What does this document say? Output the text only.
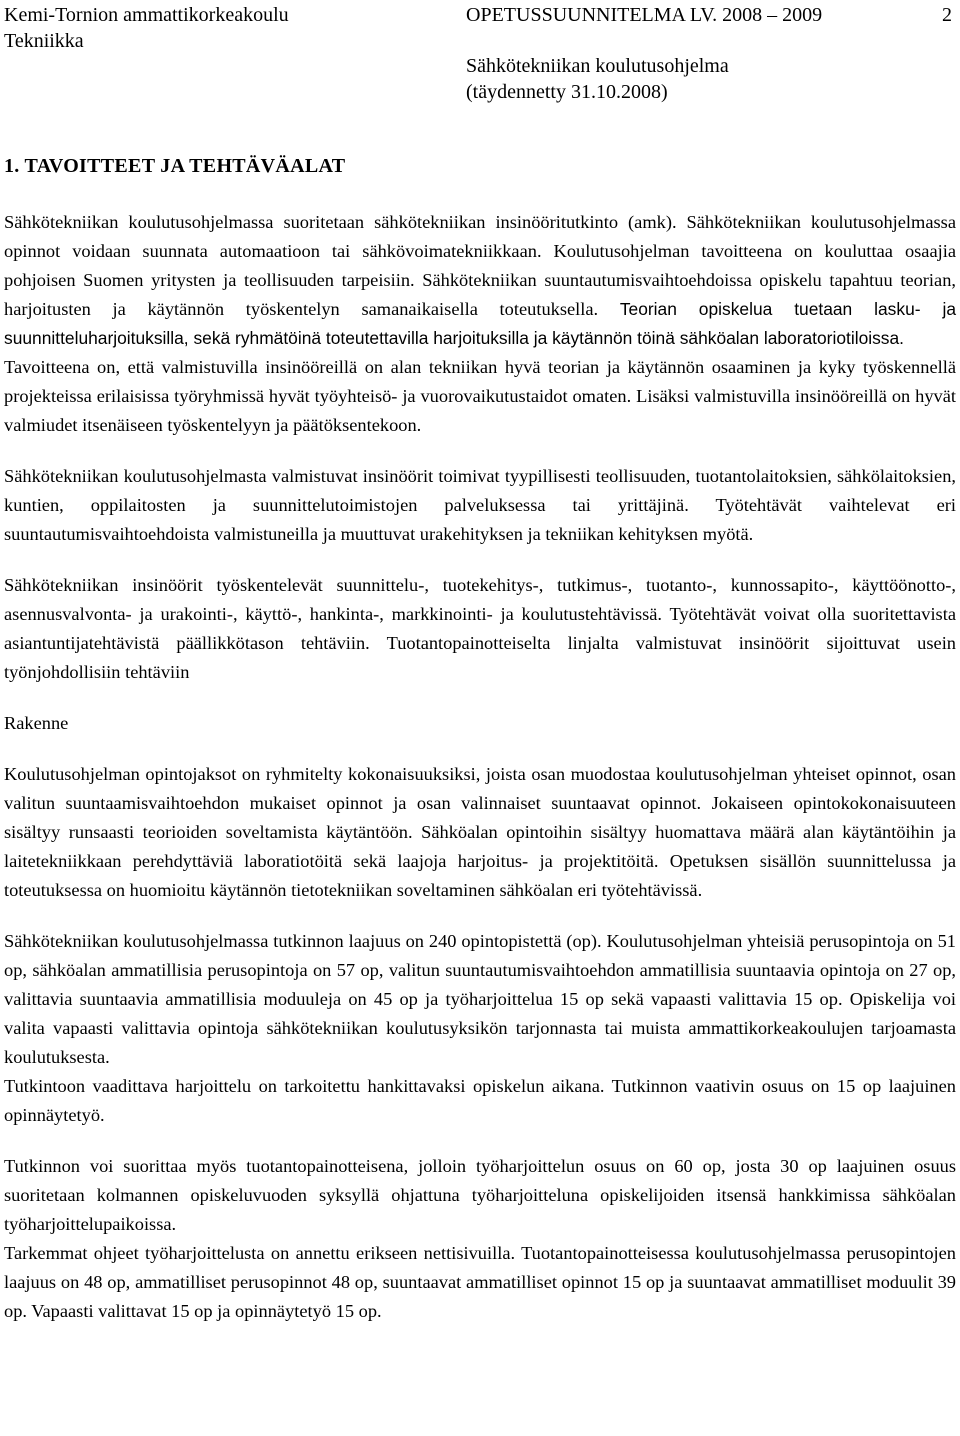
Kemi-Tornion ammattikorkeakoulu
Tekniikka
OPETUSSUUNNITELMA LV. 2008 – 2009	2
Sähkötekniikan koulutusohjelma
(täydennetty 31.10.2008)
1. TAVOITTEET JA TEHTÄVÄALAT

Sähkötekniikan koulutusohjelmassa suoritetaan sähkötekniikan insinööritutkinto (amk). Sähkötekniikan koulutusohjelmassa opinnot voidaan suunnata automaatioon tai sähkövoimatekniikkaan. Koulutusohjelman tavoitteena on kouluttaa osaajia pohjoisen Suomen yritysten ja teollisuuden tarpeisiin. Sähkötekniikan suuntautumisvaihtoehdoissa opiskelu tapahtuu teorian, harjoitusten ja käytännön työskentelyn samanaikaisella toteutuksella. Teorian opiskelua tuetaan lasku- ja suunnitteluharjoituksilla, sekä ryhmätöinä toteutettavilla harjoituksilla ja käytännön töinä sähköalan laboratoriotiloissa.

Tavoitteena on, että valmistuvilla insinööreillä on alan tekniikan hyvä teorian ja käytännön osaaminen ja kyky työskennellä projekteissa erilaisissa työryhmissä hyvät työyhteisö- ja vuorovaikutustaidot omaten. Lisäksi valmistuvilla insinööreillä on hyvät valmiudet itsenäiseen työskentelyyn ja päätöksentekoon.

Sähkötekniikan koulutusohjelmasta valmistuvat insinöörit toimivat tyypillisesti teollisuuden, tuotantolaitoksien, sähkölaitoksien, kuntien, oppilaitosten ja suunnittelutoimistojen palveluksessa tai yrittäjinä. Työtehtävät vaihtelevat eri suuntautumisvaihtoehdoista valmistuneilla ja muuttuvat urakehityksen ja tekniikan kehityksen myötä.

Sähkötekniikan insinöörit työskentelevät suunnittelu-, tuotekehitys-, tutkimus-, tuotanto-, kunnossapito-, käyttöönotto-, asennusvalvonta- ja urakointi-, käyttö-, hankinta-, markkinointi- ja koulutustehtävissä. Työtehtävät voivat olla suoritettavista asiantuntijatehtävistä päällikkötason tehtäviin. Tuotantopainotteiselta linjalta valmistuvat insinöörit sijoittuvat usein työnjohdollisiin tehtäviin

Rakenne

Koulutusohjelman opintojaksot on ryhmitelty kokonaisuuksiksi, joista osan muodostaa koulutusohjelman yhteiset opinnot, osan valitun suuntaamisvaihtoehdon mukaiset opinnot ja osan valinnaiset suuntaavat opinnot. Jokaiseen opintokokonaisuuteen sisältyy runsaasti teorioiden soveltamista käytäntöön. Sähköalan opintoihin sisältyy huomattava määrä alan käytäntöihin ja laitetekniikkaan perehdyttäviä laboratiotöitä sekä laajoja harjoitus- ja projektitöitä. Opetuksen sisällön suunnittelussa ja toteutuksessa on huomioitu käytännön tietotekniikan soveltaminen sähköalan eri työtehtävissä.

Sähkötekniikan koulutusohjelmassa tutkinnon laajuus on 240 opintopistettä (op). Koulutusohjelman yhteisiä perusopintoja on 51 op, sähköalan ammatillisia perusopintoja on 57 op, valitun suuntautumisvaihtoehdon ammatillisia suuntaavia opintoja on 27 op, valittavia suuntaavia ammatillisia moduuleja on 45 op ja työharjoittelua 15 op sekä vapaasti valittavia 15 op. Opiskelija voi valita vapaasti valittavia opintoja sähkötekniikan koulutusyksikön tarjonnasta tai muista ammattikorkeakoulujen tarjoamasta koulutuksesta.

Tutkintoon vaadittava harjoittelu on tarkoitettu hankittavaksi opiskelun aikana. Tutkinnon vaativin osuus on 15 op laajuinen opinnäytetyö.

Tutkinnon voi suorittaa myös tuotantopainotteisena, jolloin työharjoittelun osuus on 60 op, josta 30 op laajuinen osuus suoritetaan kolmannen opiskeluvuoden syksyllä ohjattuna työharjoitteluna opiskelijoiden itsensä hankkimissa sähköalan työharjoittelupaikoissa.

Tarkemmat ohjeet työharjoittelusta on annettu erikseen nettisivuilla. Tuotantopainotteisessa koulutusohjelmassa perusopintojen laajuus on 48 op, ammatilliset perusopinnot 48 op, suuntaavat ammatilliset opinnot 15 op ja suuntaavat ammatilliset moduulit 39 op. Vapaasti valittavat 15 op ja opinnäytetyö 15 op.
